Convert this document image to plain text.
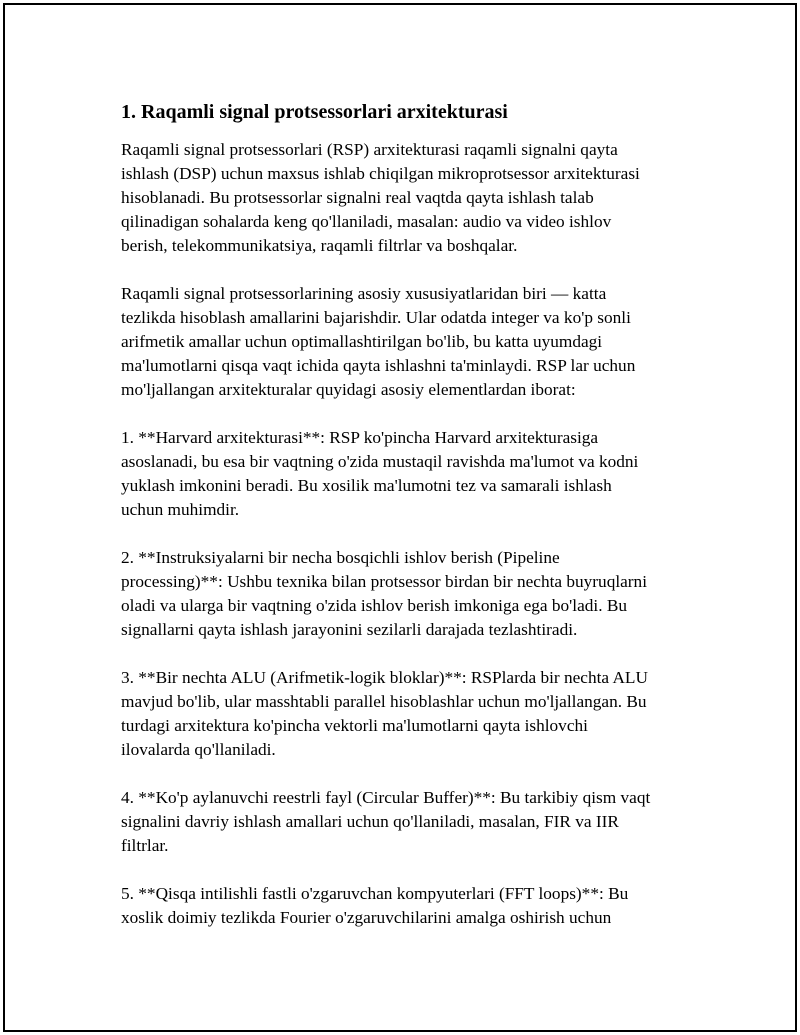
1. Raqamli signal protsessorlari arxitekturasi

Raqamli signal protsessorlari (RSP) arxitekturasi raqamli signalni qayta
ishlash (DSP) uchun maxsus ishlab chiqilgan mikroprotsessor arxitekturasi
hisoblanadi. Bu protsessorlar signalni real vaqtda qayta ishlash talab
qilinadigan sohalarda keng qo'llaniladi, masalan: audio va video ishlov
berish, telekommunikatsiya, raqamli filtrlar va boshqalar.

Raqamli signal protsessorlarining asosiy xususiyatlaridan biri — katta
tezlikda hisoblash amallarini bajarishdir. Ular odatda integer va ko'p sonli
arifmetik amallar uchun optimallashtirilgan bo'lib, bu katta uyumdagi
ma'lumotlarni qisqa vaqt ichida qayta ishlashni ta'minlaydi. RSP lar uchun
mo'ljallangan arxitekturalar quyidagi asosiy elementlardan iborat:

1. **Harvard arxitekturasi**: RSP ko'pincha Harvard arxitekturasiga
asoslanadi, bu esa bir vaqtning o'zida mustaqil ravishda ma'lumot va kodni
yuklash imkonini beradi. Bu xosilik ma'lumotni tez va samarali ishlash
uchun muhimdir.

2. **Instruksiyalarni bir necha bosqichli ishlov berish (Pipeline
processing)**: Ushbu texnika bilan protsessor birdan bir nechta buyruqlarni
oladi va ularga bir vaqtning o'zida ishlov berish imkoniga ega bo'ladi. Bu
signallarni qayta ishlash jarayonini sezilarli darajada tezlashtiradi.

3. **Bir nechta ALU (Arifmetik-logik bloklar)**: RSPlarda bir nechta ALU
mavjud bo'lib, ular masshtabli parallel hisoblashlar uchun mo'ljallangan. Bu
turdagi arxitektura ko'pincha vektorli ma'lumotlarni qayta ishlovchi
ilovalarda qo'llaniladi.

4. **Ko'p aylanuvchi reestrli fayl (Circular Buffer)**: Bu tarkibiy qism vaqt
signalini davriy ishlash amallari uchun qo'llaniladi, masalan, FIR va IIR
filtrlar.

5. **Qisqa intilishli fastli o'zgaruvchan kompyuterlari (FFT loops)**: Bu
xoslik doimiy tezlikda Fourier o'zgaruvchilarini amalga oshirish uchun
